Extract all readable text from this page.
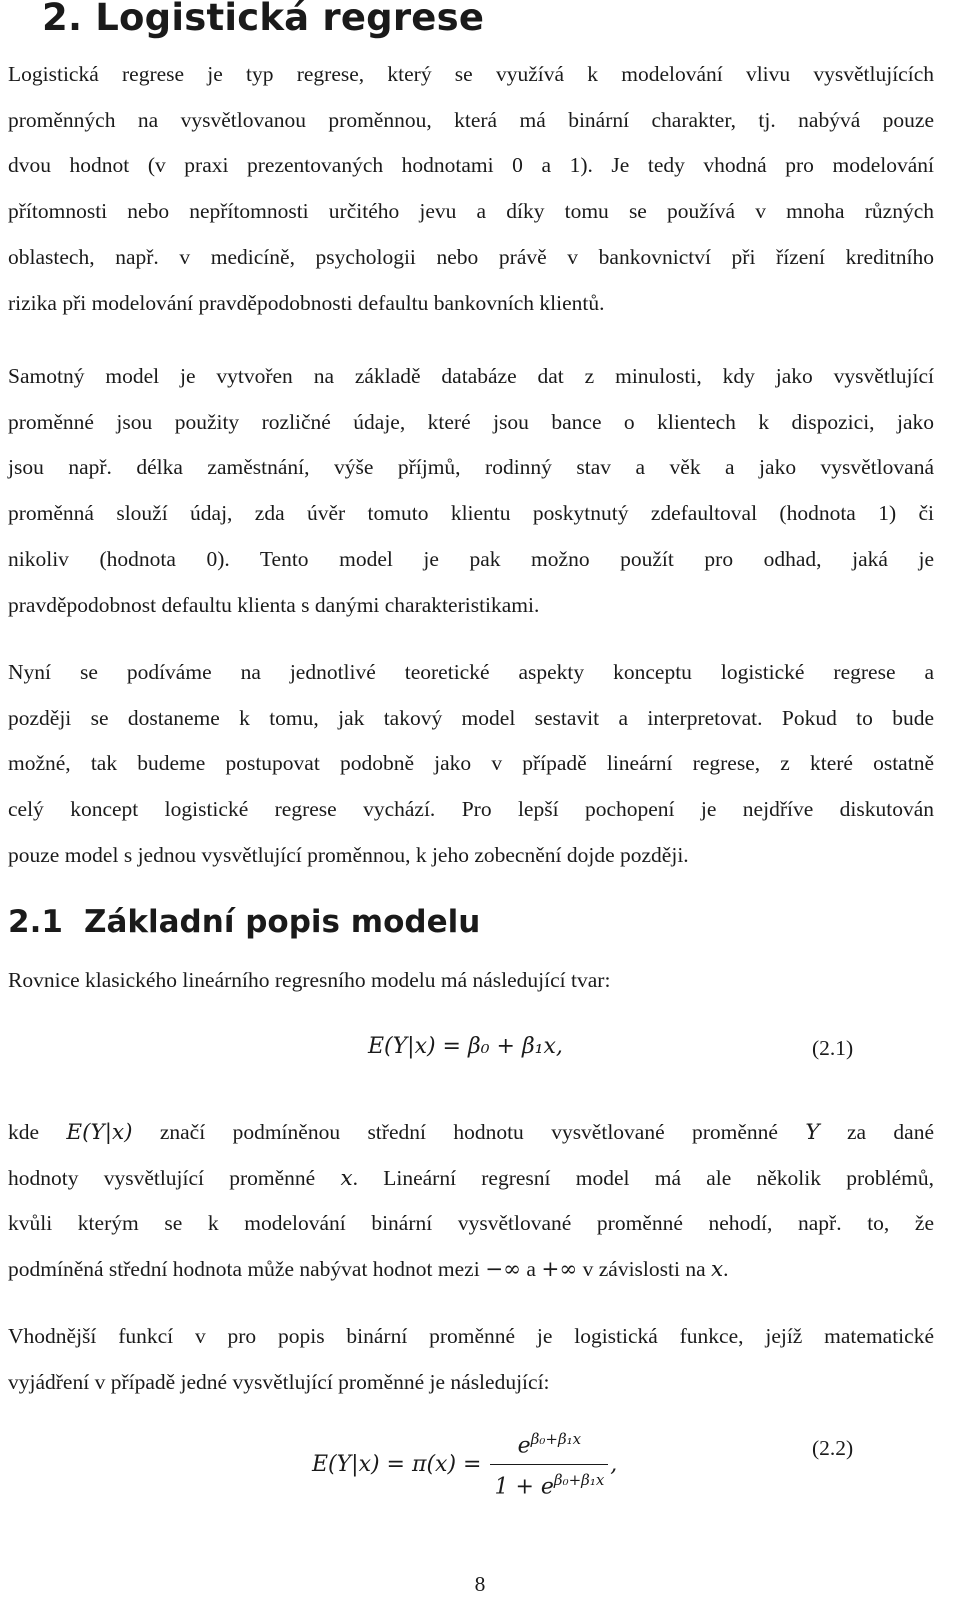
2. Logistická regrese
Logistická regrese je typ regrese, který se využívá k modelování vlivu vysvětlujících
proměnných na vysvětlovanou proměnnou, která má binární charakter, tj. nabývá pouze
dvou hodnot (v praxi prezentovaných hodnotami 0 a 1). Je tedy vhodná pro modelování
přítomnosti nebo nepřítomnosti určitého jevu a díky tomu se používá v mnoha různých
oblastech, např. v medicíně, psychologii nebo právě v bankovnictví při řízení kreditního
rizika při modelování pravděpodobnosti defaultu bankovních klientů.
Samotný model je vytvořen na základě databáze dat z minulosti, kdy jako vysvětlující
proměnné jsou použity rozličné údaje, které jsou bance o klientech k dispozici, jako
jsou např. délka zaměstnání, výše příjmů, rodinný stav a věk a jako vysvětlovaná
proměnná slouží údaj, zda úvěr tomuto klientu poskytnutý zdefaultoval (hodnota 1) či
nikoliv (hodnota 0). Tento model je pak možno použít pro odhad, jaká je
pravděpodobnost defaultu klienta s danými charakteristikami.
Nyní se podíváme na jednotlivé teoretické aspekty konceptu logistické regrese a
později se dostaneme k tomu, jak takový model sestavit a interpretovat. Pokud to bude
možné, tak budeme postupovat podobně jako v případě lineární regrese, z které ostatně
celý koncept logistické regrese vychází. Pro lepší pochopení je nejdříve diskutován
pouze model s jednou vysvětlující proměnnou, k jeho zobecnění dojde později.
2.1 Základní popis modelu
Rovnice klasického lineárního regresního modelu má následující tvar:
E(Y|x) = β₀ + β₁x,	(2.1)
kde E(Y|x) značí podmíněnou střední hodnotu vysvětlované proměnné Y za dané
hodnoty vysvětlující proměnné x. Lineární regresní model má ale několik problémů,
kvůli kterým se k modelování binární vysvětlované proměnné nehodí, např. to, že
podmíněná střední hodnota může nabývat hodnot mezi −∞ a +∞ v závislosti na x.
Vhodnější funkcí v pro popis binární proměnné je logistická funkce, jejíž matematické
vyjádření v případě jedné vysvětlující proměnné je následující:
$E(Y|x) = \pi(x) = \frac{e^{\beta_0+\beta_1x}}{1 + e^{\beta_0+\beta_1x}}$ ,
(2.2)
8
